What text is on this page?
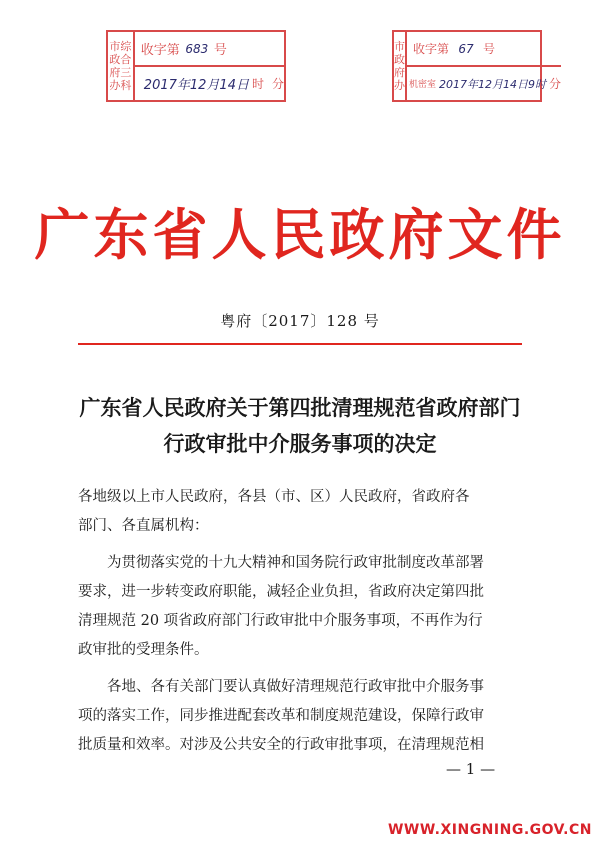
市综
政合
府三
办科
收字第 683 号
2017年12月14日 时 分
市
政
府
办
收字第 67 号
机密室 2017年12月14日9时 分
广东省人民政府文件
粤府〔2017〕128 号
广东省人民政府关于第四批清理规范省政府部门
行政审批中介服务事项的决定

各地级以上市人民政府，各县（市、区）人民政府，省政府各
部门、各直属机构：

为贯彻落实党的十九大精神和国务院行政审批制度改革部署
要求，进一步转变政府职能，减轻企业负担，省政府决定第四批
清理规范 20 项省政府部门行政审批中介服务事项，不再作为行
政审批的受理条件。

各地、各有关部门要认真做好清理规范行政审批中介服务事
项的落实工作，同步推进配套改革和制度规范建设，保障行政审
批质量和效率。对涉及公共安全的行政审批事项，在清理规范相

— 1 —
WWW.XINGNING.GOV.CN
